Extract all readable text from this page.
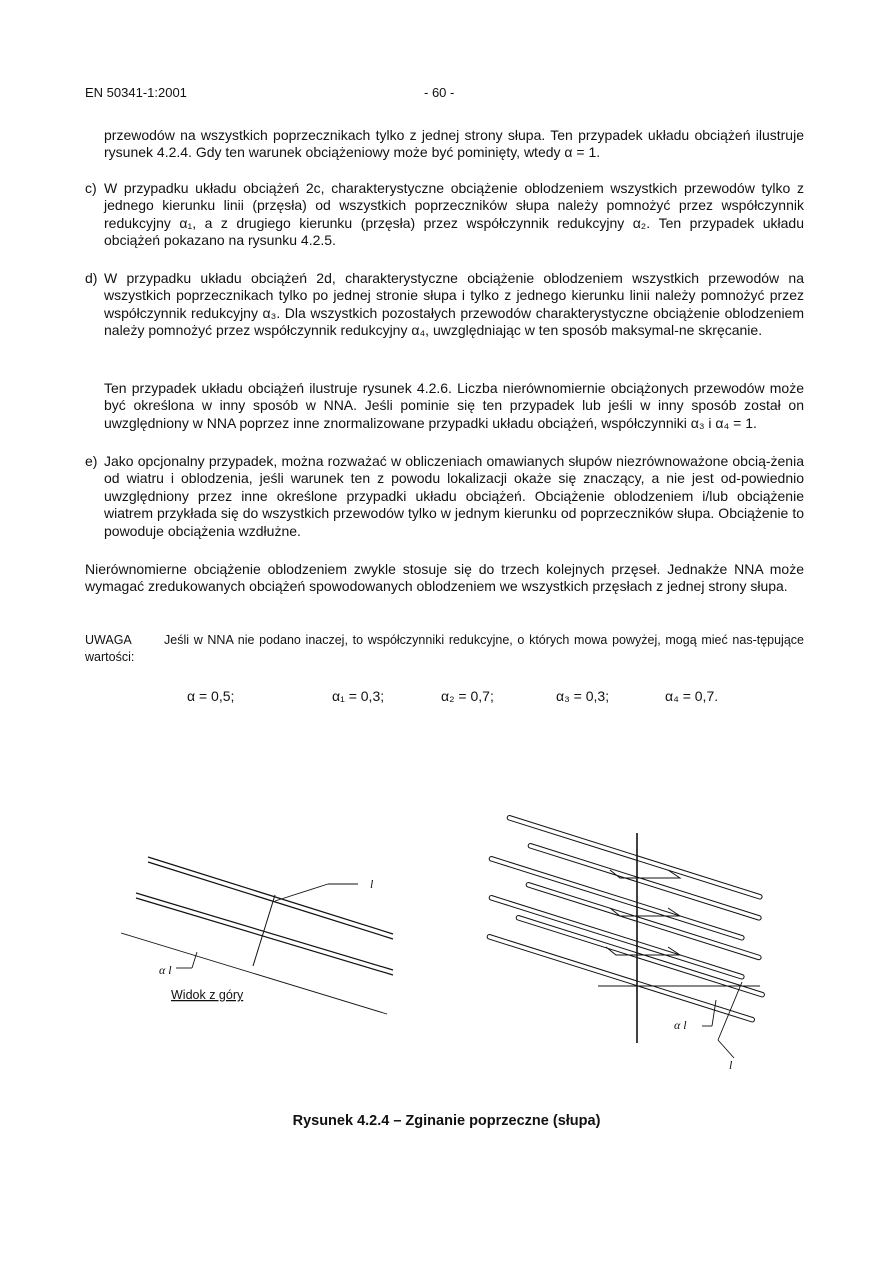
EN 50341-1:2001	- 60 -
przewodów na wszystkich poprzecznikach tylko z jednej strony słupa. Ten przypadek układu obciążeń ilustruje rysunek 4.2.4. Gdy ten warunek obciążeniowy może być pominięty, wtedy α = 1.
c) W przypadku układu obciążeń 2c, charakterystyczne obciążenie oblodzeniem wszystkich przewodów tylko z jednego kierunku linii (przęsła) od wszystkich poprzeczników słupa należy pomnożyć przez współczynnik redukcyjny α₁, a z drugiego kierunku (przęsła) przez współczynnik redukcyjny α₂. Ten przypadek układu obciążeń pokazano na rysunku 4.2.5.
d) W przypadku układu obciążeń 2d, charakterystyczne obciążenie oblodzeniem wszystkich przewodów na wszystkich poprzecznikach tylko po jednej stronie słupa i tylko z jednego kierunku linii należy pomnożyć przez współczynnik redukcyjny α₃. Dla wszystkich pozostałych przewodów charakterystyczne obciążenie oblodzeniem należy pomnożyć przez współczynnik redukcyjny α₄, uwzględniając w ten sposób maksymal-ne skręcanie.
Ten przypadek układu obciążeń ilustruje rysunek 4.2.6. Liczba nierównomiernie obciążonych przewodów może być określona w inny sposób w NNA. Jeśli pominie się ten przypadek lub jeśli w inny sposób został on uwzględniony w NNA poprzez inne znormalizowane przypadki układu obciążeń, współczynniki α₃ i α₄ = 1.
e) Jako opcjonalny przypadek, można rozważać w obliczeniach omawianych słupów niezrównoważone obcią-żenia od wiatru i oblodzenia, jeśli warunek ten z powodu lokalizacji okaże się znaczący, a nie jest od-powiednio uwzględniony przez inne określone przypadki układu obciążeń. Obciążenie oblodzeniem i/lub obciążenie wiatrem przykłada się do wszystkich przewodów tylko w jednym kierunku od poprzeczników słupa. Obciążenie to powoduje obciążenia wzdłużne.
Nierównomierne obciążenie oblodzeniem zwykle stosuje się do trzech kolejnych przęseł. Jednakże NNA może wymagać zredukowanych obciążeń spowodowanych oblodzeniem we wszystkich przęsłach z jednej strony słupa.
UWAGA	Jeśli w NNA nie podano inaczej, to współczynniki redukcyjne, o których mowa powyżej, mogą mieć nas-tępujące wartości:
α = 0,5;	α₁ = 0,3;	α₂ = 0,7;	α₃ = 0,3;	α₄ = 0,7.
l
α l
Widok z góry
l
α l
Rysunek 4.2.4 – Zginanie poprzeczne (słupa)
